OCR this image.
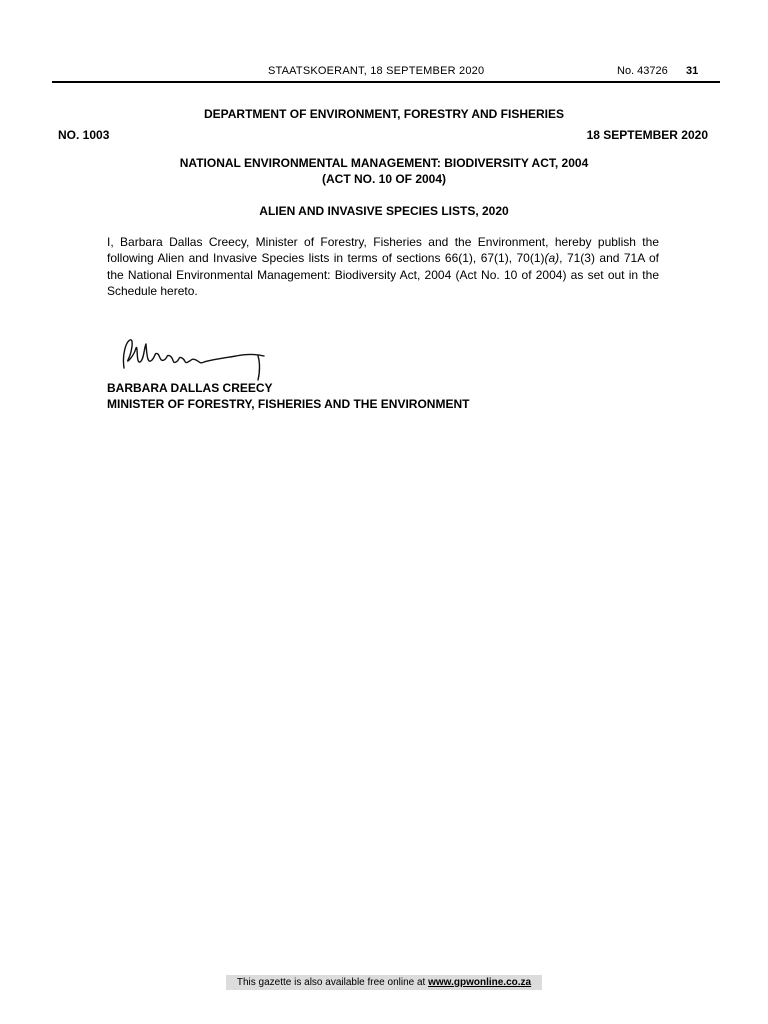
STAATSKOERANT, 18 SEPTEMBER 2020	No. 43726 31
DEPARTMENT OF ENVIRONMENT, FORESTRY AND FISHERIES
NO. 1003	18 SEPTEMBER 2020
NATIONAL ENVIRONMENTAL MANAGEMENT: BIODIVERSITY ACT, 2004
(ACT NO. 10 OF 2004)
ALIEN AND INVASIVE SPECIES LISTS, 2020
I, Barbara Dallas Creecy, Minister of Forestry, Fisheries and the Environment, hereby publish the following Alien and Invasive Species lists in terms of sections 66(1), 67(1), 70(1)(a), 71(3) and 71A of the National Environmental Management: Biodiversity Act, 2004 (Act No. 10 of 2004) as set out in the Schedule hereto.
BARBARA DALLAS CREECY
MINISTER OF FORESTRY, FISHERIES AND THE ENVIRONMENT
This gazette is also available free online at www.gpwonline.co.za
